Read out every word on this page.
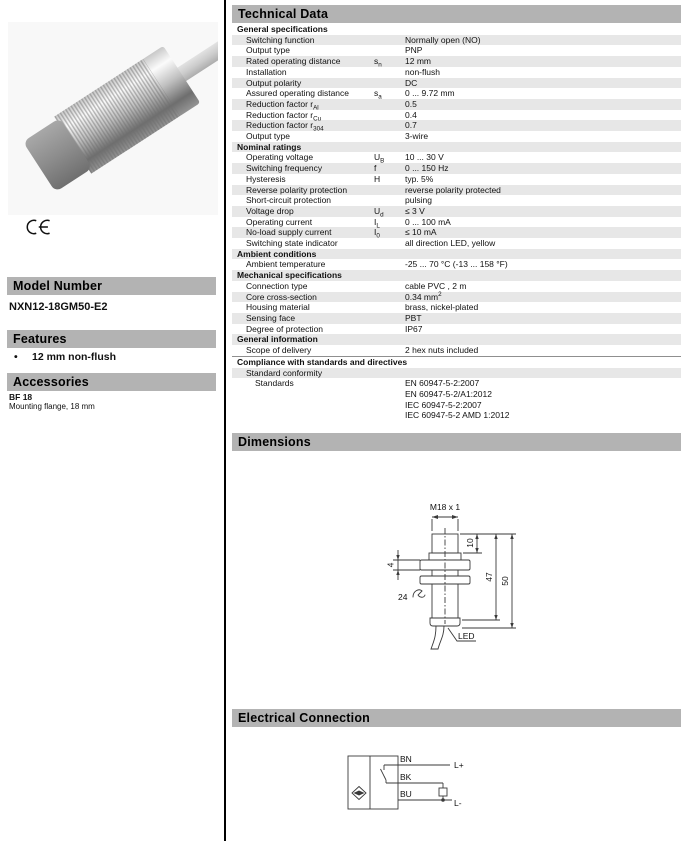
Model Number
NXN12-18GM50-E2
Features
•	12 mm non-flush
Accessories
BF 18
Mounting flange, 18 mm
Technical Data
General specifications
Switching function	Normally open (NO)
Output type	PNP
Rated operating distance	$s_n$	12 mm
Installation	non-flush
Output polarity	DC
Assured operating distance	$s_a$	0 ... 9.72 mm
Reduction factor $r_{Al}$	0.5
Reduction factor $r_{Cu}$	0.4
Reduction factor $r_{304}$	0.7
Output type	3-wire
Nominal ratings
Operating voltage	$U_B$	10 ... 30 V
Switching frequency	f	0 ... 150 Hz
Hysteresis	H	typ. 5%
Reverse polarity protection	reverse polarity protected
Short-circuit protection	pulsing
Voltage drop	$U_d$	≤ 3 V
Operating current	$I_L$	0 ... 100 mA
No-load supply current	$I_0$	≤ 10 mA
Switching state indicator	all direction LED, yellow
Ambient conditions
Ambient temperature	-25 ... 70 °C (-13 ... 158 °F)
Mechanical specifications
Connection type	cable PVC , 2 m
Core cross-section	0.34 $mm^2$
Housing material	brass, nickel-plated
Sensing face	PBT
Degree of protection	IP67
General information
Scope of delivery	2 hex nuts included
Compliance with standards and directives
Standard conformity
Standards	EN 60947-5-2:2007
EN 60947-5-2/A1:2012
IEC 60947-5-2:2007
IEC 60947-5-2 AMD 1:2012
Dimensions
M18 x 1
10
47 50
4
24
LED
Electrical Connection
BN
BK
BU
L+
L-
